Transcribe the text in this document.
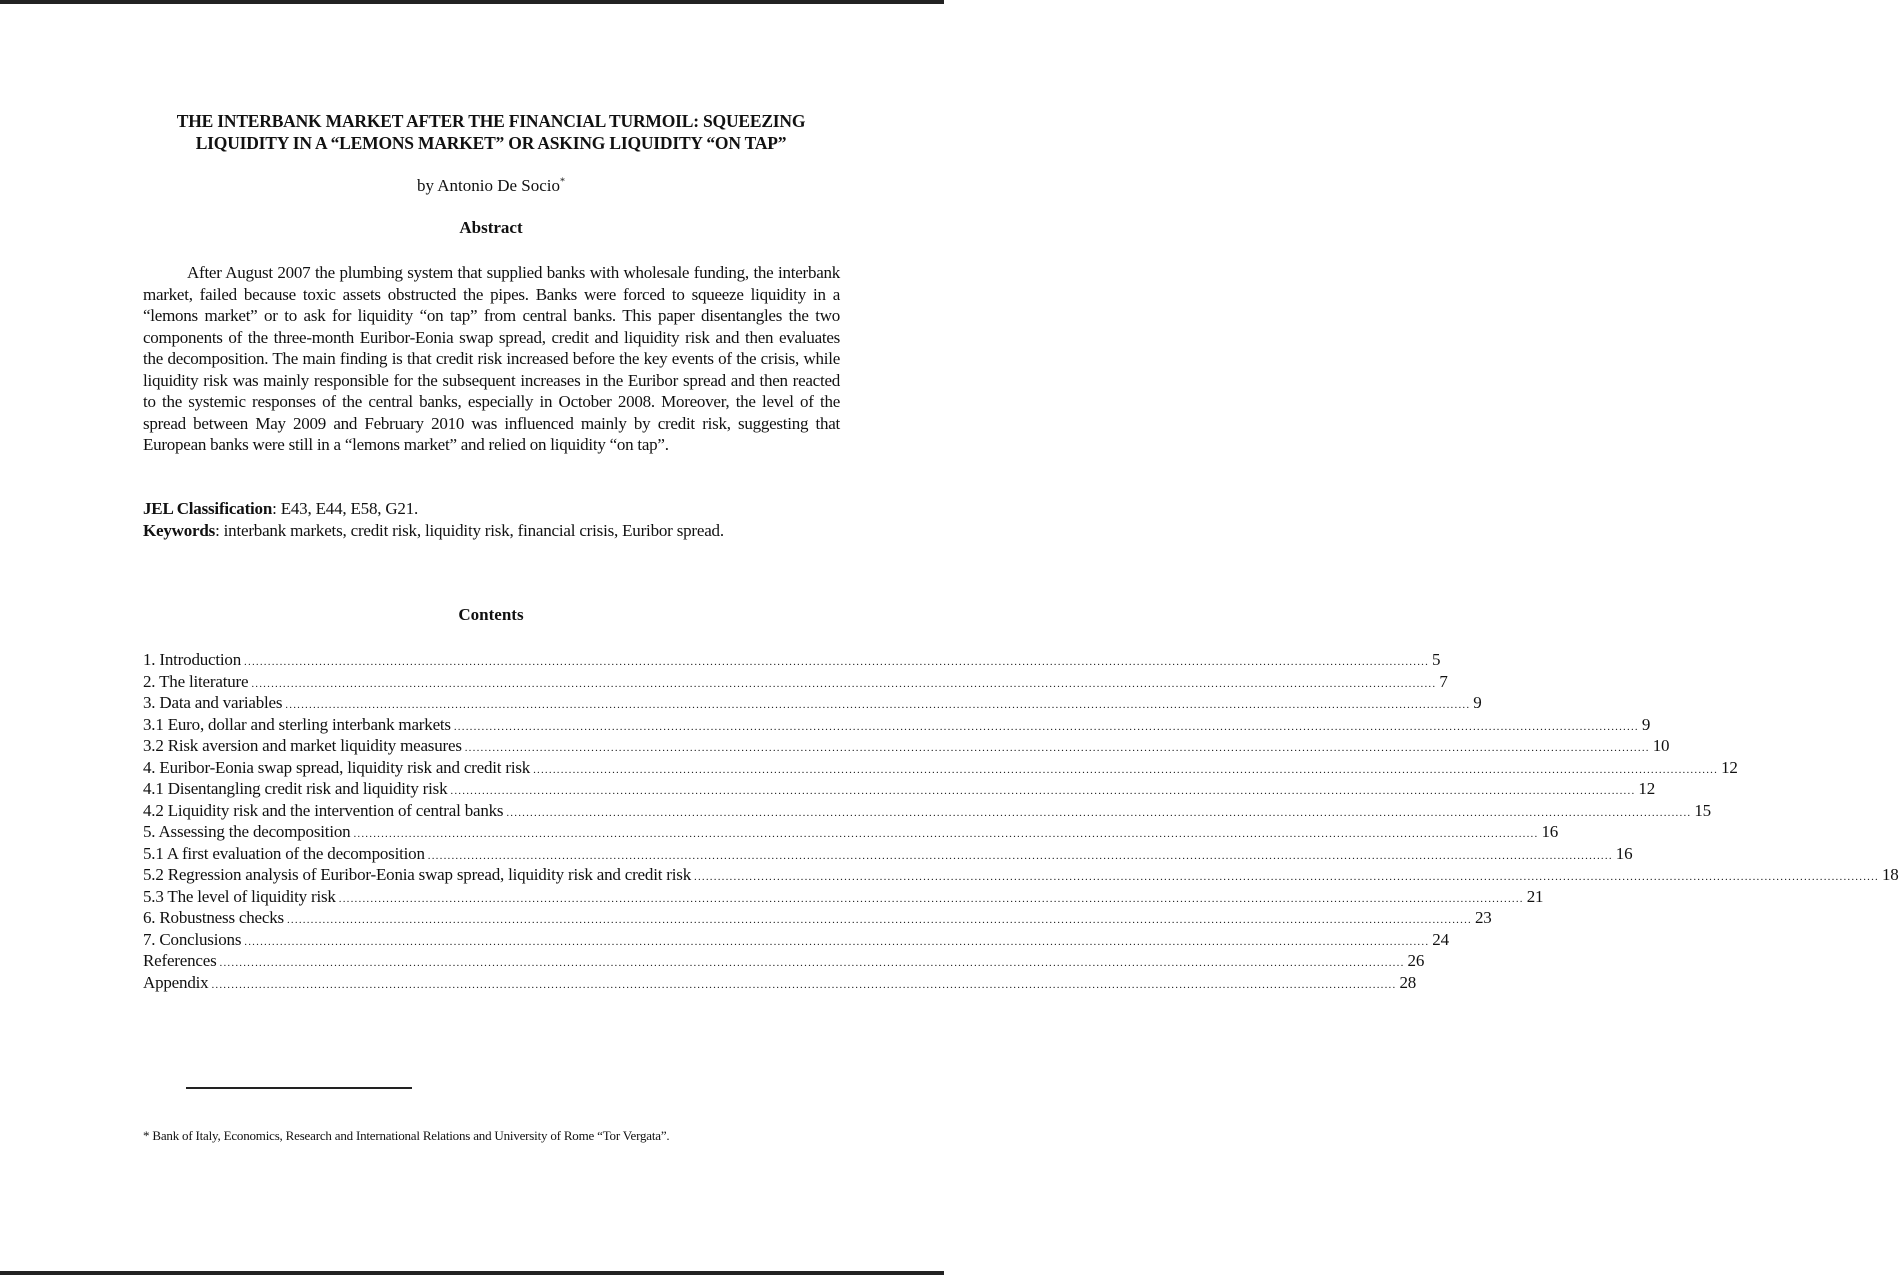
THE INTERBANK MARKET AFTER THE FINANCIAL TURMOIL: SQUEEZING
LIQUIDITY IN A “LEMONS MARKET” OR ASKING LIQUIDITY “ON TAP”
by Antonio De Socio*
Abstract
After August 2007 the plumbing system that supplied banks with wholesale funding, the interbank market, failed because toxic assets obstructed the pipes. Banks were forced to squeeze liquidity in a “lemons market” or to ask for liquidity “on tap” from central banks. This paper disentangles the two components of the three-month Euribor-Eonia swap spread, credit and liquidity risk and then evaluates the decomposition. The main finding is that credit risk increased before the key events of the crisis, while liquidity risk was mainly responsible for the subsequent increases in the Euribor spread and then reacted to the systemic responses of the central banks, especially in October 2008. Moreover, the level of the spread between May 2009 and February 2010 was influenced mainly by credit risk, suggesting that European banks were still in a “lemons market” and relied on liquidity “on tap”.
JEL Classification: E43, E44, E58, G21.
Keywords: interbank markets, credit risk, liquidity risk, financial crisis, Euribor spread.
Contents
1. Introduction ............................................................................................................................................................................................................................................................................................................ 5
2. The literature ............................................................................................................................................................................................................................................................................................................ 7
3. Data and variables ............................................................................................................................................................................................................................................................................................................ 9
3.1 Euro, dollar and sterling interbank markets ............................................................................................................................................................................................................................................................................................................ 9
3.2 Risk aversion and market liquidity measures ............................................................................................................................................................................................................................................................................................................ 10
4. Euribor-Eonia swap spread, liquidity risk and credit risk ............................................................................................................................................................................................................................................................................................................ 12
4.1 Disentangling credit risk and liquidity risk ............................................................................................................................................................................................................................................................................................................ 12
4.2 Liquidity risk and the intervention of central banks ............................................................................................................................................................................................................................................................................................................ 15
5. Assessing the decomposition ............................................................................................................................................................................................................................................................................................................ 16
5.1 A first evaluation of the decomposition ............................................................................................................................................................................................................................................................................................................ 16
5.2 Regression analysis of Euribor-Eonia swap spread, liquidity risk and credit risk ............................................................................................................................................................................................................................................................................................................ 18
5.3 The level of liquidity risk ............................................................................................................................................................................................................................................................................................................ 21
6. Robustness checks ............................................................................................................................................................................................................................................................................................................ 23
7. Conclusions ............................................................................................................................................................................................................................................................................................................ 24
References ............................................................................................................................................................................................................................................................................................................ 26
Appendix ............................................................................................................................................................................................................................................................................................................ 28
* Bank of Italy, Economics, Research and International Relations and University of Rome “Tor Vergata”.
